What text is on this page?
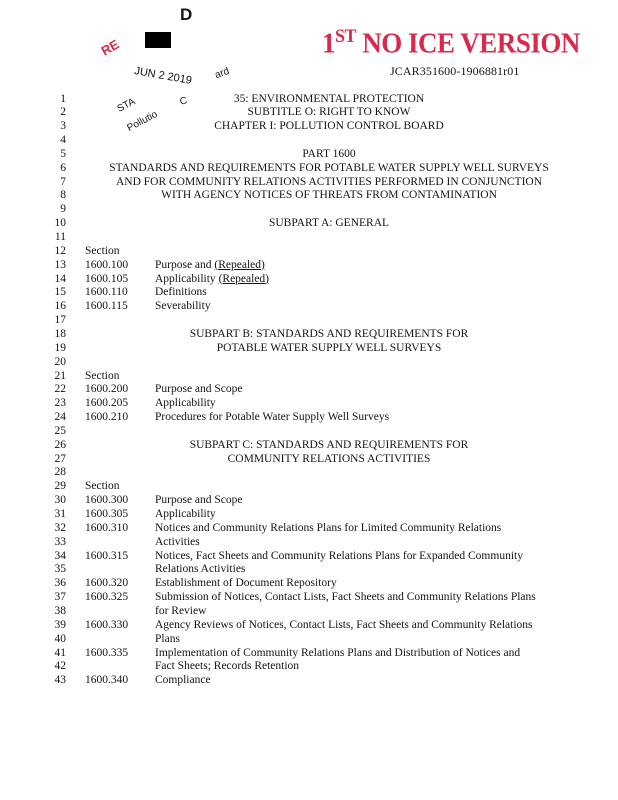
D
RE
JUN 2 2019
STA
Pollutio
C
ard
1ST NO ICE VERSION
JCAR351600-1906881r01
1	35: ENVIRONMENTAL PROTECTION
2	SUBTITLE O: RIGHT TO KNOW
3	CHAPTER I: POLLUTION CONTROL BOARD
4
5	PART 1600
6	STANDARDS AND REQUIREMENTS FOR POTABLE WATER SUPPLY WELL SURVEYS
7	AND FOR COMMUNITY RELATIONS ACTIVITIES PERFORMED IN CONJUNCTION
8	WITH AGENCY NOTICES OF THREATS FROM CONTAMINATION
9
10	SUBPART A: GENERAL
11
12 Section
13 1600.100 Purpose and (Repealed)
14 1600.105 Applicability (Repealed)
15 1600.110 Definitions
16 1600.115 Severability
17
18	SUBPART B: STANDARDS AND REQUIREMENTS FOR
19	POTABLE WATER SUPPLY WELL SURVEYS
20
21 Section
22 1600.200 Purpose and Scope
23 1600.205 Applicability
24 1600.210 Procedures for Potable Water Supply Well Surveys
25
26	SUBPART C: STANDARDS AND REQUIREMENTS FOR
27	COMMUNITY RELATIONS ACTIVITIES
28
29 Section
30 1600.300 Purpose and Scope
31 1600.305 Applicability
32 1600.310 Notices and Community Relations Plans for Limited Community Relations
33	Activities
34 1600.315 Notices, Fact Sheets and Community Relations Plans for Expanded Community
35	Relations Activities
36 1600.320 Establishment of Document Repository
37 1600.325 Submission of Notices, Contact Lists, Fact Sheets and Community Relations Plans
38	for Review
39 1600.330 Agency Reviews of Notices, Contact Lists, Fact Sheets and Community Relations
40	Plans
41 1600.335 Implementation of Community Relations Plans and Distribution of Notices and
42	Fact Sheets; Records Retention
43 1600.340 Compliance
